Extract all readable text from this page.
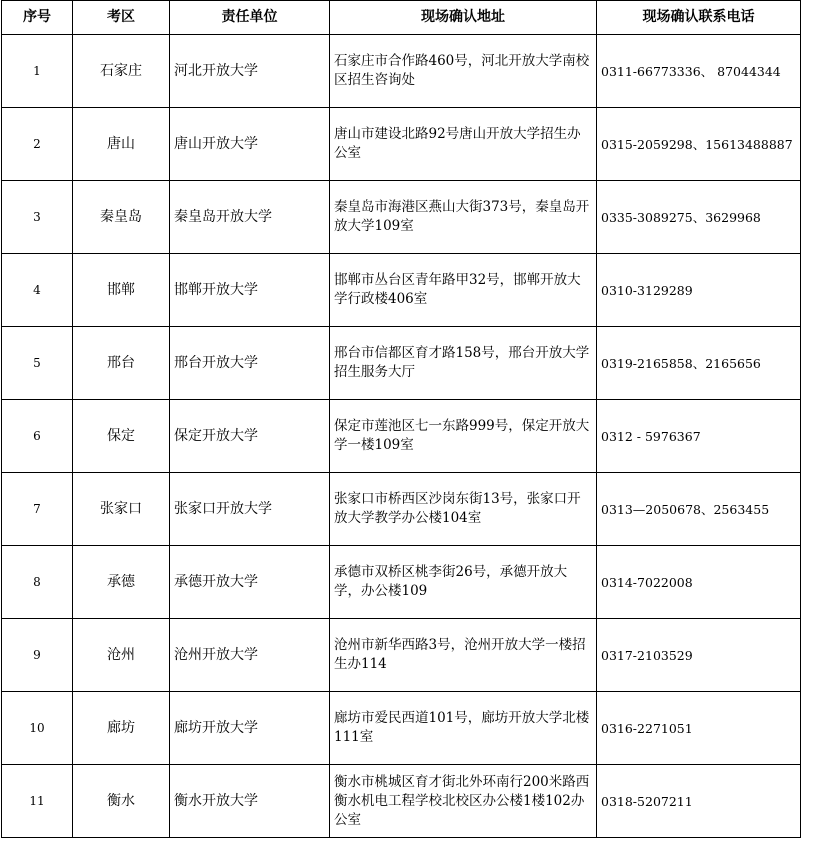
序号	考区	责任单位	现场确认地址	现场确认联系电话
1	石家庄	河北开放大学	石家庄市合作路460号，河北开放大学南校区招生咨询处	0311-66773336、 87044344
2	唐山	唐山开放大学	唐山市建设北路92号唐山开放大学招生办公室	0315-2059298、15613488887
3	秦皇岛	秦皇岛开放大学	秦皇岛市海港区燕山大街373号，秦皇岛开放大学109室	0335-3089275、3629968
4	邯郸	邯郸开放大学	邯郸市丛台区青年路甲32号，邯郸开放大学行政楼406室	0310-3129289
5	邢台	邢台开放大学	邢台市信都区育才路158号，邢台开放大学招生服务大厅	0319-2165858、2165656
6	保定	保定开放大学	保定市莲池区七一东路999号，保定开放大学一楼109室	0312 - 5976367
7	张家口	张家口开放大学	张家口市桥西区沙岗东街13号，张家口开放大学教学办公楼104室	0313—2050678、2563455
8	承德	承德开放大学	承德市双桥区桃李街26号，承德开放大学，办公楼109	0314-7022008
9	沧州	沧州开放大学	沧州市新华西路3号，沧州开放大学一楼招生办114	0317-2103529
10	廊坊	廊坊开放大学	廊坊市爱民西道101号，廊坊开放大学北楼111室	0316-2271051
11	衡水	衡水开放大学	衡水市桃城区育才街北外环南行200米路西衡水机电工程学校北校区办公楼1楼102办公室	0318-5207211
